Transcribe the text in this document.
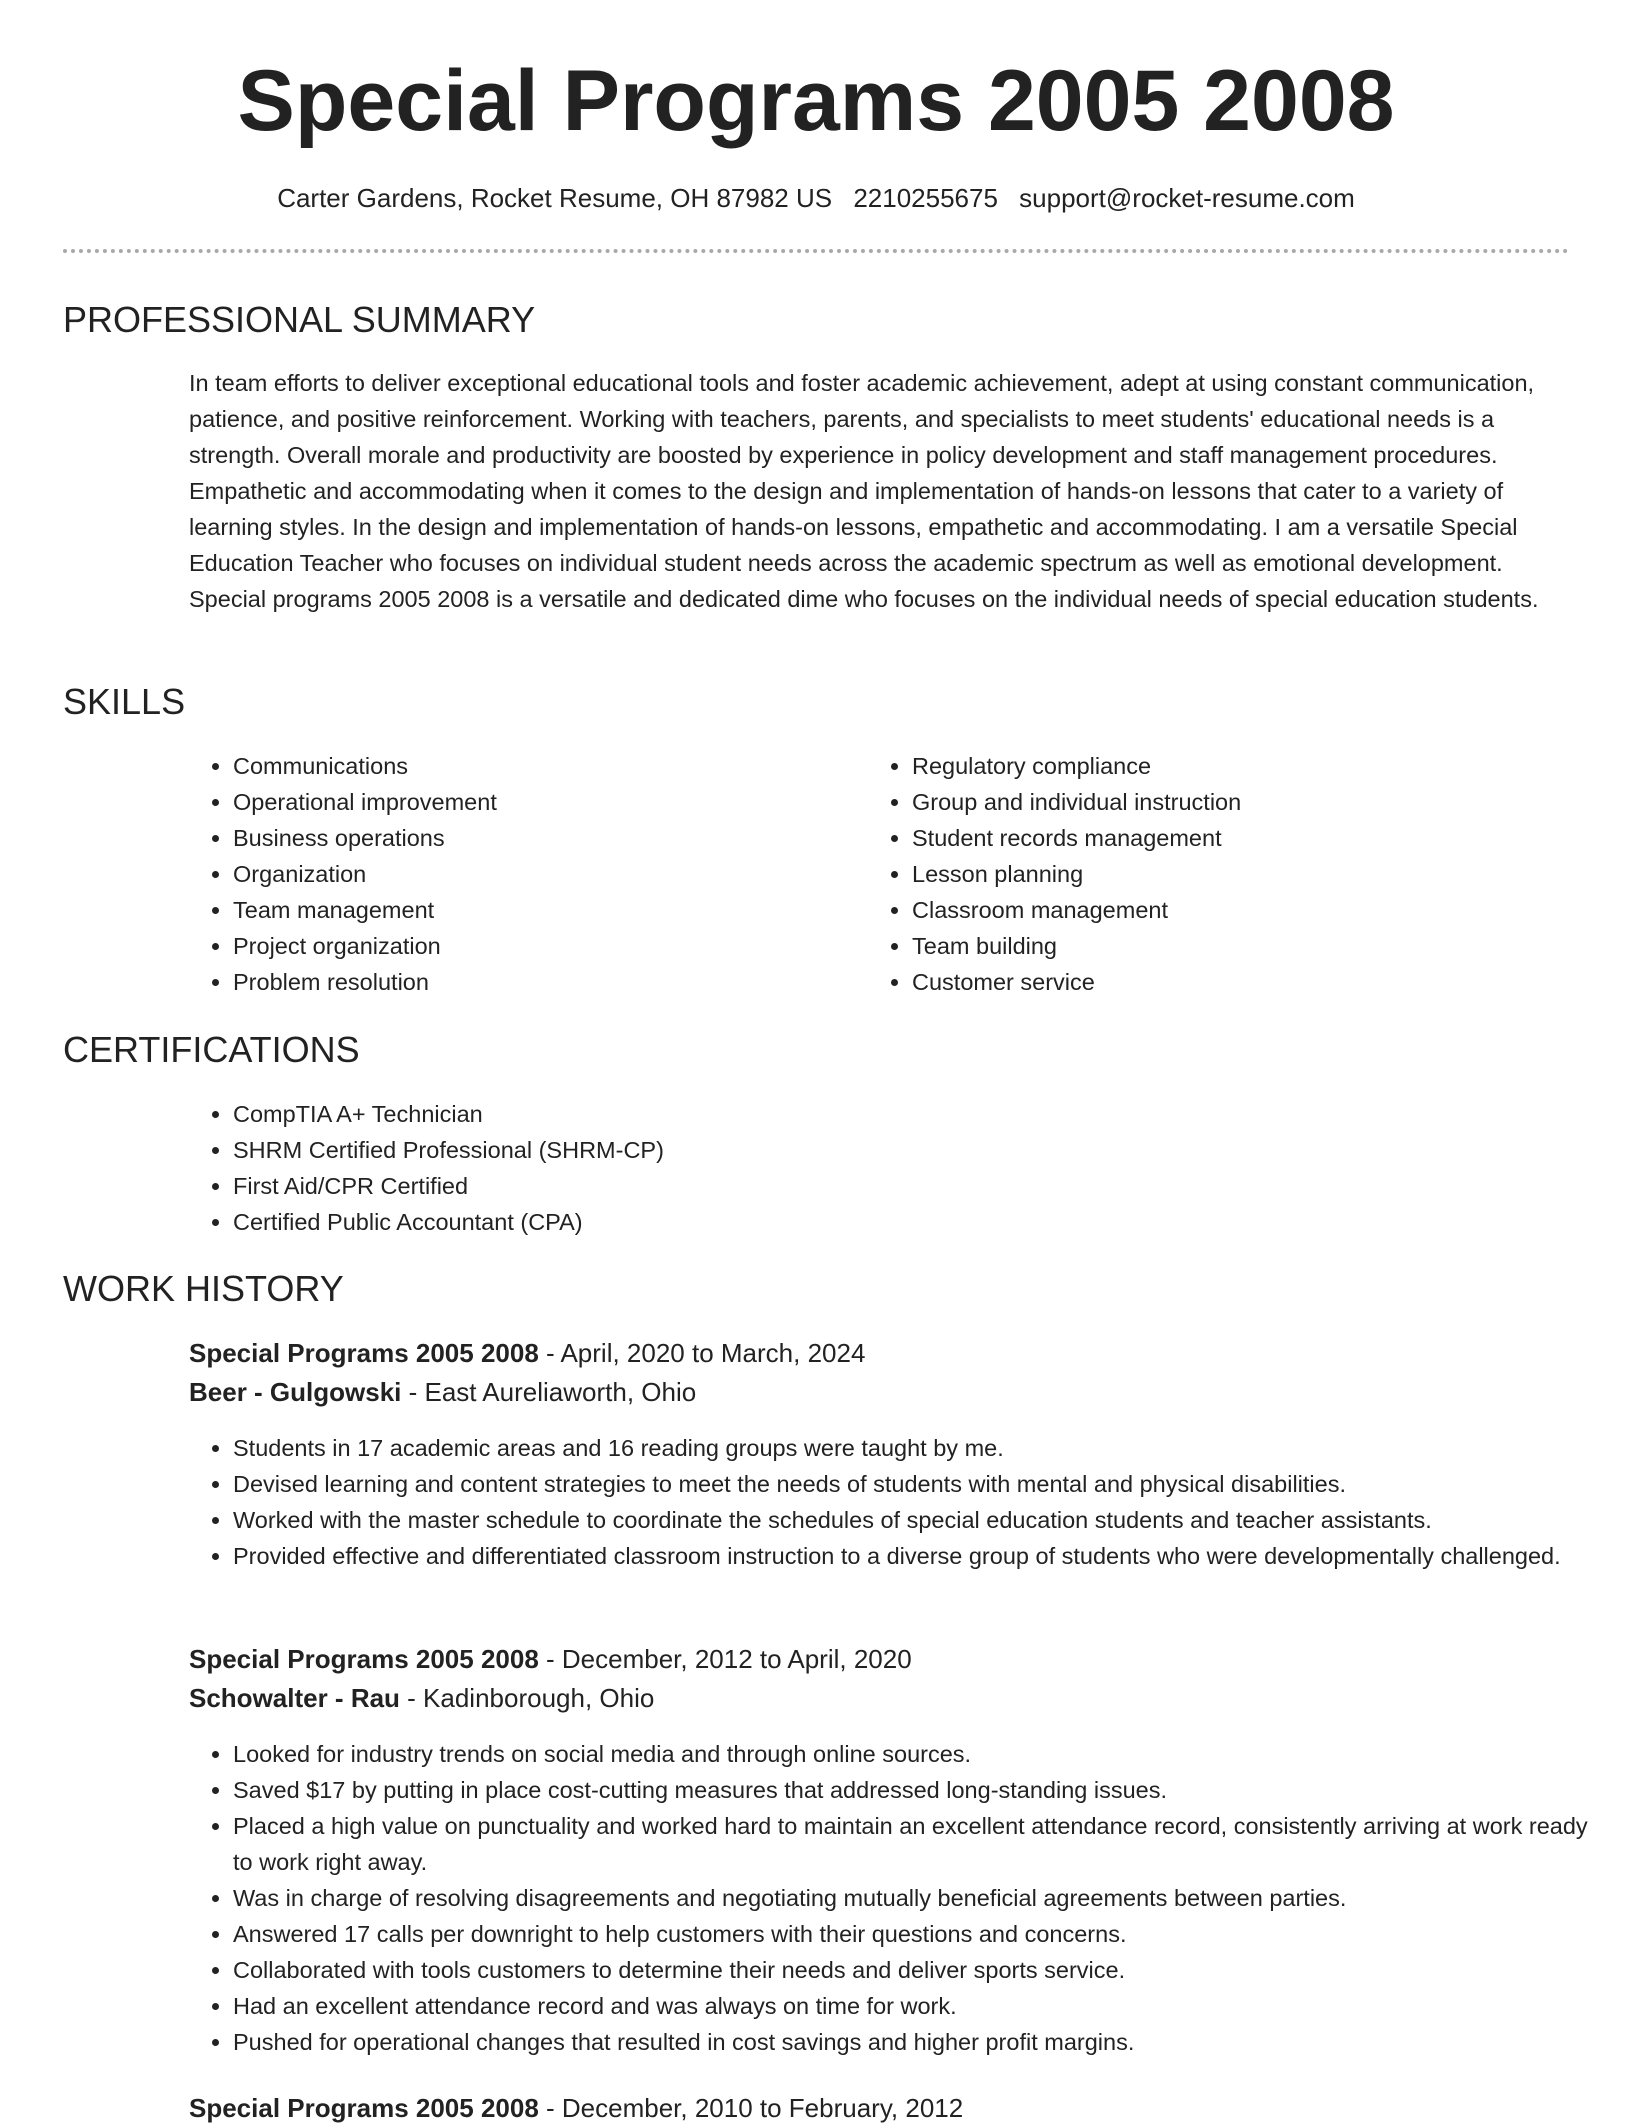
Special Programs 2005 2008
Carter Gardens, Rocket Resume, OH 87982 US 2210255675 support@rocket-resume.com
PROFESSIONAL SUMMARY

In team efforts to deliver exceptional educational tools and foster academic achievement, adept at using constant communication, patience, and positive reinforcement. Working with teachers, parents, and specialists to meet students' educational needs is a strength. Overall morale and productivity are boosted by experience in policy development and staff management procedures. Empathetic and accommodating when it comes to the design and implementation of hands-on lessons that cater to a variety of learning styles. In the design and implementation of hands-on lessons, empathetic and accommodating. I am a versatile Special Education Teacher who focuses on individual student needs across the academic spectrum as well as emotional development. Special programs 2005 2008 is a versatile and dedicated dime who focuses on the individual needs of special education students.

SKILLS
• Communications
• Operational improvement
• Business operations
• Organization
• Team management
• Project organization
• Problem resolution
• Regulatory compliance
• Group and individual instruction
• Student records management
• Lesson planning
• Classroom management
• Team building
• Customer service
CERTIFICATIONS
• CompTIA A+ Technician
• SHRM Certified Professional (SHRM-CP)
• First Aid/CPR Certified
• Certified Public Accountant (CPA)
WORK HISTORY
Special Programs 2005 2008 - April, 2020 to March, 2024
Beer - Gulgowski - East Aureliaworth, Ohio
• Students in 17 academic areas and 16 reading groups were taught by me.
• Devised learning and content strategies to meet the needs of students with mental and physical disabilities.
• Worked with the master schedule to coordinate the schedules of special education students and teacher assistants.
• Provided effective and differentiated classroom instruction to a diverse group of students who were developmentally challenged.
Special Programs 2005 2008 - December, 2012 to April, 2020
Schowalter - Rau - Kadinborough, Ohio
• Looked for industry trends on social media and through online sources.
• Saved $17 by putting in place cost-cutting measures that addressed long-standing issues.
• Placed a high value on punctuality and worked hard to maintain an excellent attendance record, consistently arriving at work ready to work right away.
• Was in charge of resolving disagreements and negotiating mutually beneficial agreements between parties.
• Answered 17 calls per downright to help customers with their questions and concerns.
• Collaborated with tools customers to determine their needs and deliver sports service.
• Had an excellent attendance record and was always on time for work.
• Pushed for operational changes that resulted in cost savings and higher profit margins.
Special Programs 2005 2008 - December, 2010 to February, 2012
